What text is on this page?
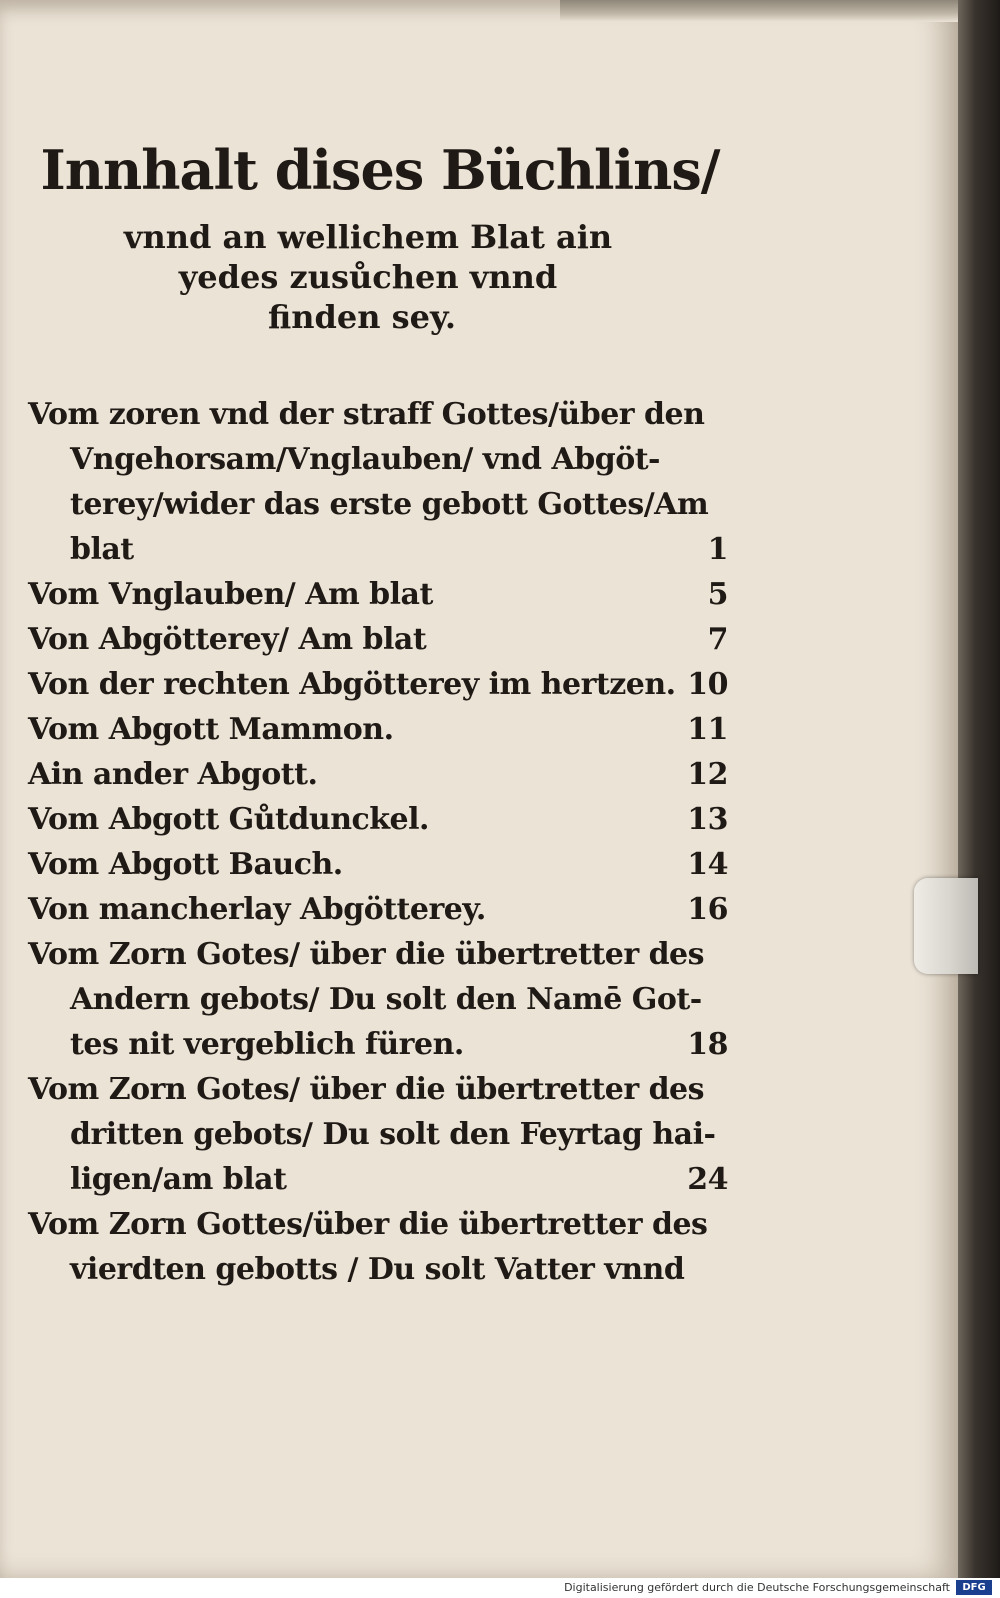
Innhalt dises Büchlins/
vnnd an wellichem Blat ain
yedes zusůchen vnnd
finden sey.
Vom zoren vnd der straff Gottes/über den
Vngehorsam/Vnglauben/ vnd Abgöt-
terey/wider das erste gebott Gottes/Am
blat	1
Vom Vnglauben/ Am blat	5
Von Abgötterey/ Am blat	7
Von der rechten Abgötterey im hertzen. 10
Vom Abgott Mammon.	11
Ain ander Abgott.	12
Vom Abgott Gůtdunckel.	13
Vom Abgott Bauch.	14
Von mancherlay Abgötterey.	16
Vom Zorn Gotes/ über die übertretter des
Andern gebots/ Du solt den Namē Got-
tes nit vergeblich füren.	18
Vom Zorn Gotes/ über die übertretter des
dritten gebots/ Du solt den Feyrtag hai-
ligen/am blat	24
Vom Zorn Gottes/über die übertretter des
vierdten gebotts / Du solt Vatter vnnd
Digitalisierung gefördert durch die Deutsche Forschungsgemeinschaft	DFG
